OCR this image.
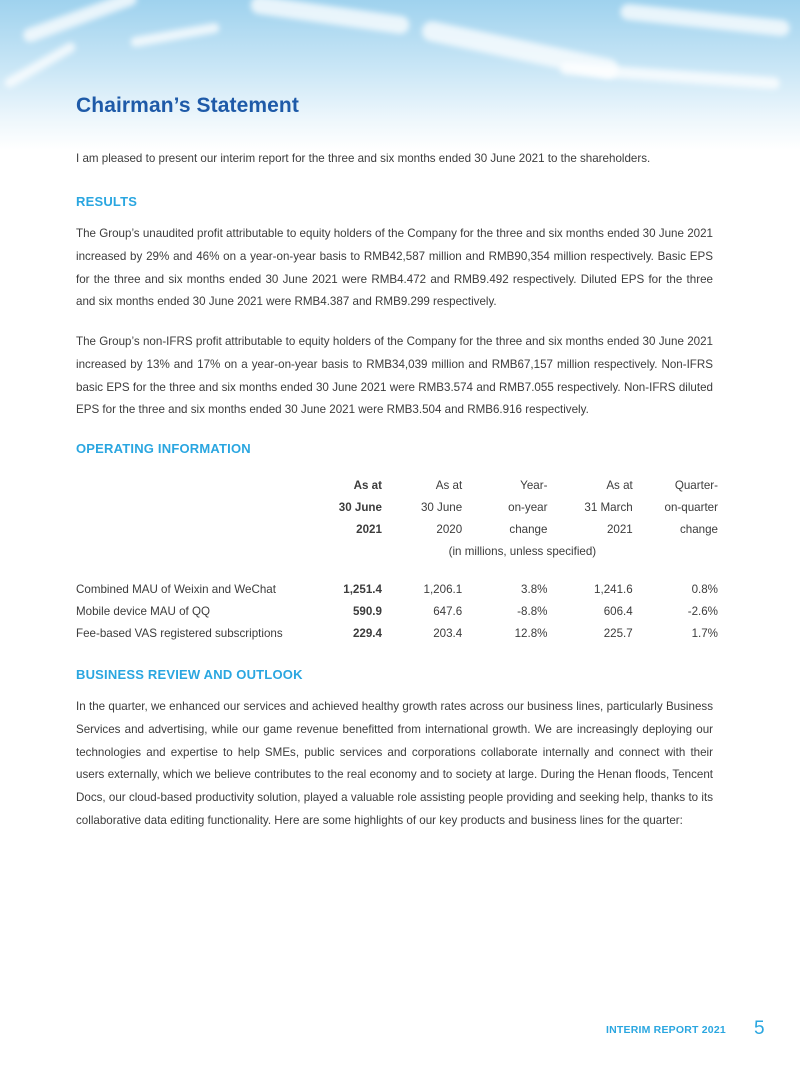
Chairman’s Statement

I am pleased to present our interim report for the three and six months ended 30 June 2021 to the shareholders.

RESULTS

The Group’s unaudited profit attributable to equity holders of the Company for the three and six months ended 30 June 2021 increased by 29% and 46% on a year-on-year basis to RMB42,587 million and RMB90,354 million respectively. Basic EPS for the three and six months ended 30 June 2021 were RMB4.472 and RMB9.492 respectively. Diluted EPS for the three and six months ended 30 June 2021 were RMB4.387 and RMB9.299 respectively.

The Group’s non-IFRS profit attributable to equity holders of the Company for the three and six months ended 30 June 2021 increased by 13% and 17% on a year-on-year basis to RMB34,039 million and RMB67,157 million respectively. Non-IFRS basic EPS for the three and six months ended 30 June 2021 were RMB3.574 and RMB7.055 respectively. Non-IFRS diluted EPS for the three and six months ended 30 June 2021 were RMB3.504 and RMB6.916 respectively.

OPERATING INFORMATION
	As at	As at	Year-	As at	Quarter-
	30 June	30 June	on-year	31 March	on-quarter
	2021	2020	change	2021	change
	(in millions, unless specified)				

Combined MAU of Weixin and WeChat	1,251.4	1,206.1	3.8%	1,241.6	0.8%
Mobile device MAU of QQ	590.9	647.6	-8.8%	606.4	-2.6%
Fee-based VAS registered subscriptions	229.4	203.4	12.8%	225.7	1.7%
BUSINESS REVIEW AND OUTLOOK

In the quarter, we enhanced our services and achieved healthy growth rates across our business lines, particularly Business Services and advertising, while our game revenue benefitted from international growth. We are increasingly deploying our technologies and expertise to help SMEs, public services and corporations collaborate internally and connect with their users externally, which we believe contributes to the real economy and to society at large. During the Henan floods, Tencent Docs, our cloud-based productivity solution, played a valuable role assisting people providing and seeking help, thanks to its collaborative data editing functionality. Here are some highlights of our key products and business lines for the quarter:

INTERIM REPORT 2021 5
